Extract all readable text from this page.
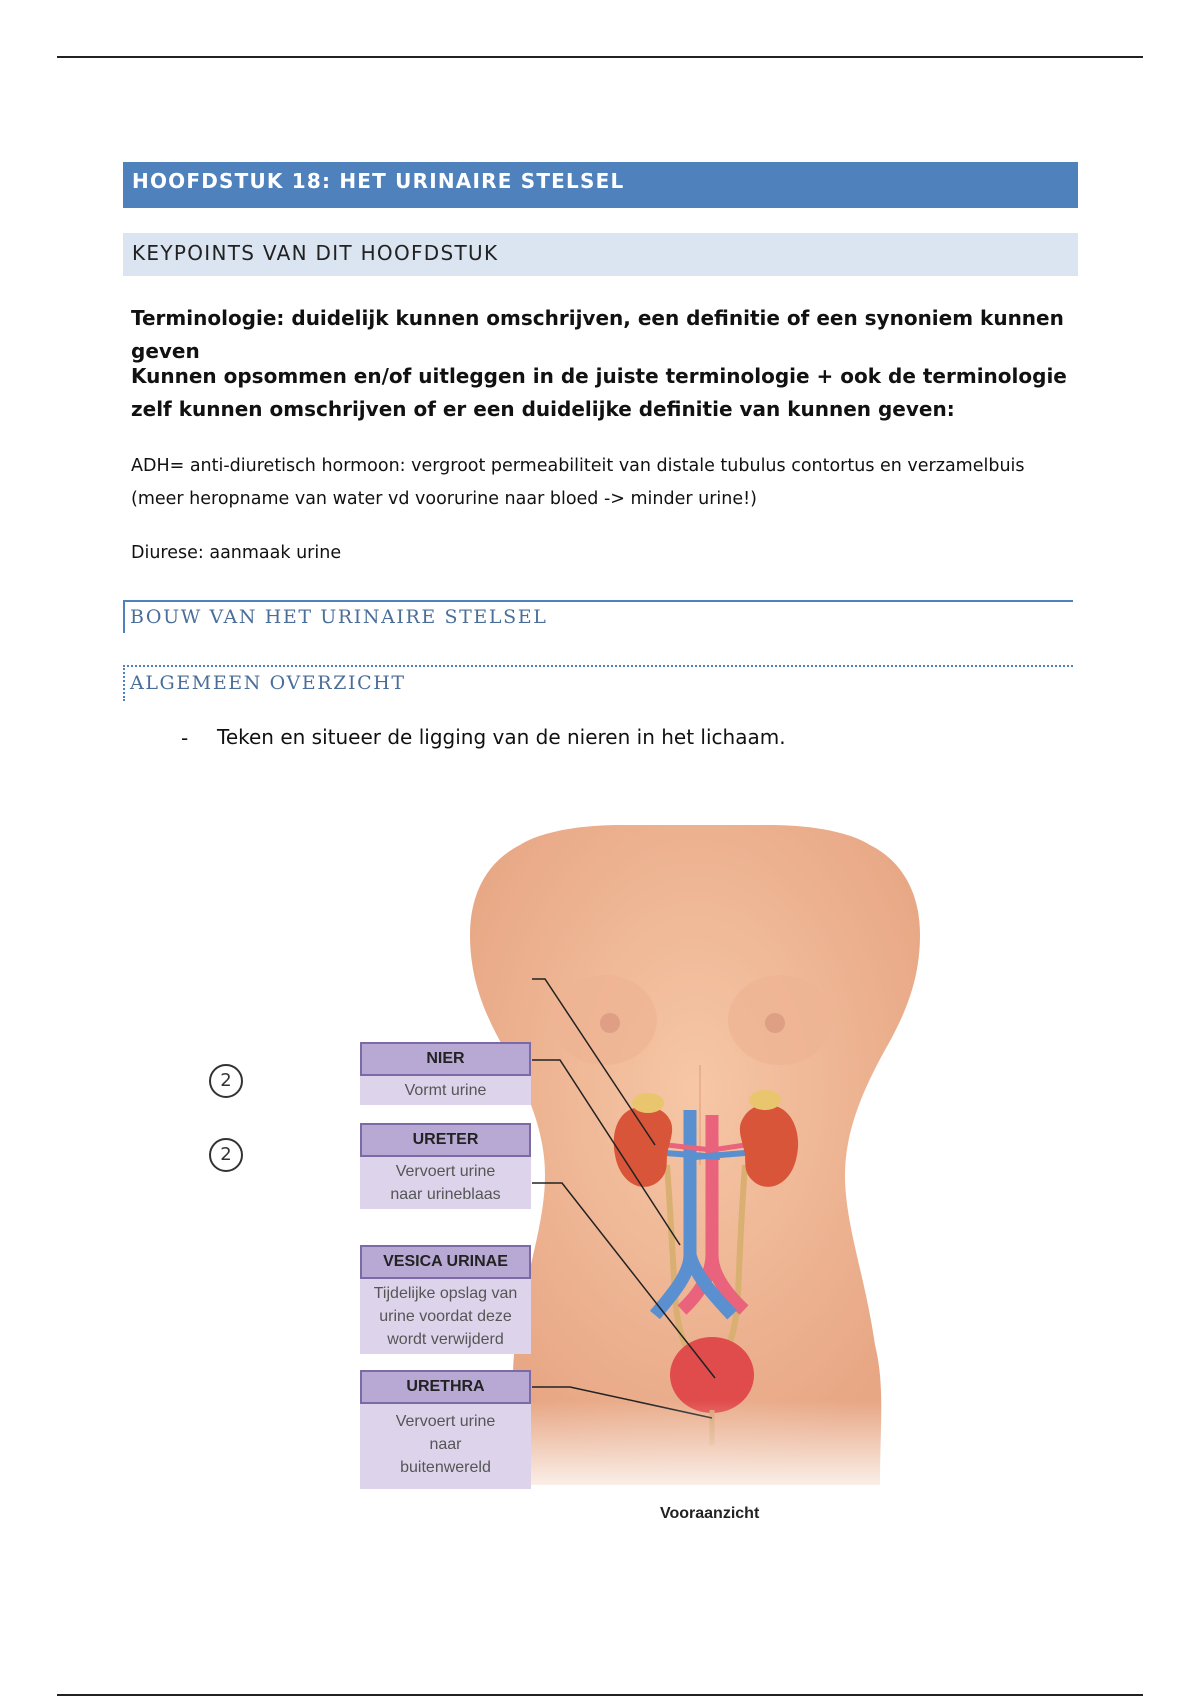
HOOFDSTUK 18: HET URINAIRE STELSEL
KEYPOINTS VAN DIT HOOFDSTUK
Terminologie: duidelijk kunnen omschrijven, een definitie of een synoniem kunnen geven
Kunnen opsommen en/of uitleggen in de juiste terminologie + ook de terminologie zelf kunnen omschrijven of er een duidelijke definitie van kunnen geven:
ADH= anti-diuretisch hormoon: vergroot permeabiliteit van distale tubulus contortus en verzamelbuis (meer heropname van water vd voorurine naar bloed -> minder urine!)
Diurese: aanmaak urine
BOUW VAN HET URINAIRE STELSEL
ALGEMEEN OVERZICHT
- Teken en situeer de ligging van de nieren in het lichaam.
2
2
NIER
Vormt urine
URETER
Vervoert urine naar urineblaas
VESICA URINAE
Tijdelijke opslag van urine voordat deze wordt verwijderd
URETHRA
Vervoert urine naar buitenwereld
Vooraanzicht
